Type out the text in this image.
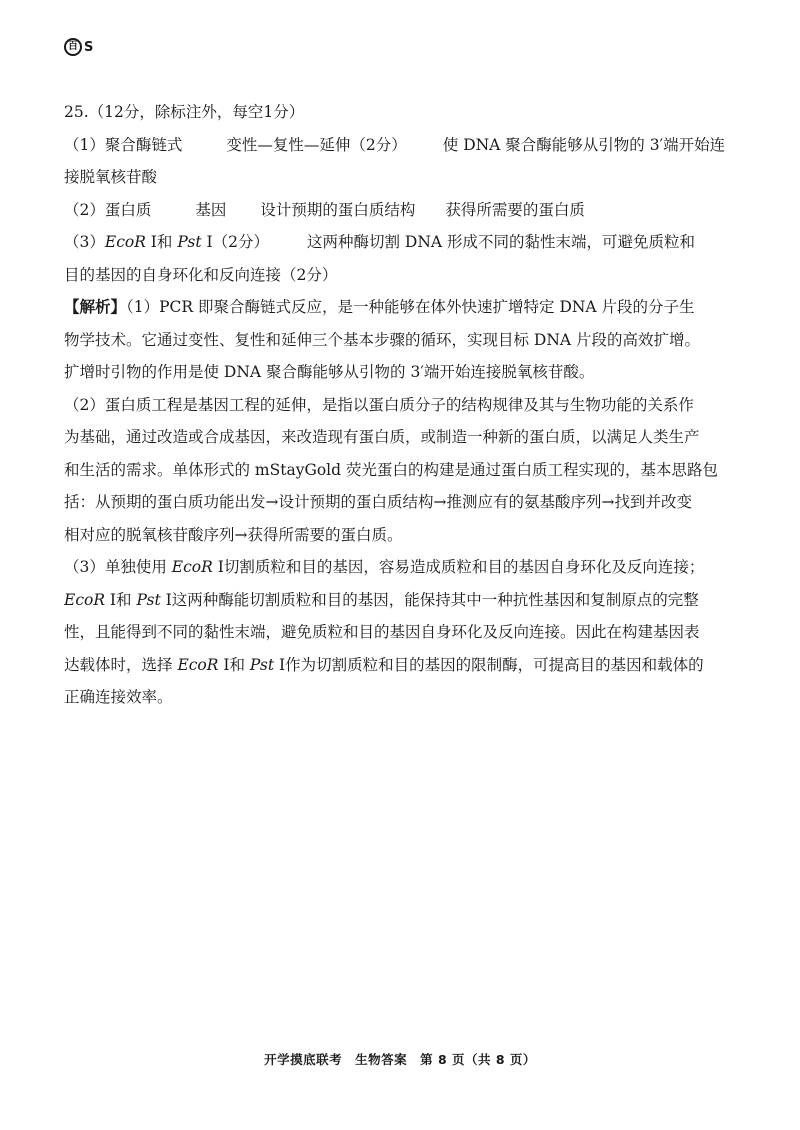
百 S
25.（12分，除标注外，每空1分）
（1）聚合酶链式	变性—复性—延伸（2分） 使 DNA 聚合酶能够从引物的 3′端开始连
接脱氧核苷酸
（2）蛋白质	基因 设计预期的蛋白质结构 获得所需要的蛋白质
（3）EcoR Ⅰ和 Pst Ⅰ（2分） 这两种酶切割 DNA 形成不同的黏性末端，可避免质粒和
目的基因的自身环化和反向连接（2分）
【解析】（1）PCR 即聚合酶链式反应，是一种能够在体外快速扩增特定 DNA 片段的分子生
物学技术。它通过变性、复性和延伸三个基本步骤的循环，实现目标 DNA 片段的高效扩增。
扩增时引物的作用是使 DNA 聚合酶能够从引物的 3′端开始连接脱氧核苷酸。
（2）蛋白质工程是基因工程的延伸，是指以蛋白质分子的结构规律及其与生物功能的关系作
为基础，通过改造或合成基因，来改造现有蛋白质，或制造一种新的蛋白质，以满足人类生产
和生活的需求。单体形式的 mStayGold 荧光蛋白的构建是通过蛋白质工程实现的，基本思路包
括：从预期的蛋白质功能出发→设计预期的蛋白质结构→推测应有的氨基酸序列→找到并改变
相对应的脱氧核苷酸序列→获得所需要的蛋白质。
（3）单独使用 EcoR Ⅰ切割质粒和目的基因，容易造成质粒和目的基因自身环化及反向连接；
EcoR Ⅰ和 Pst Ⅰ这两种酶能切割质粒和目的基因，能保持其中一种抗性基因和复制原点的完整
性，且能得到不同的黏性末端，避免质粒和目的基因自身环化及反向连接。因此在构建基因表
达载体时，选择 EcoR Ⅰ和 Pst Ⅰ作为切割质粒和目的基因的限制酶，可提高目的基因和载体的
正确连接效率。
开学摸底联考　生物答案　第 8 页（共 8 页）
